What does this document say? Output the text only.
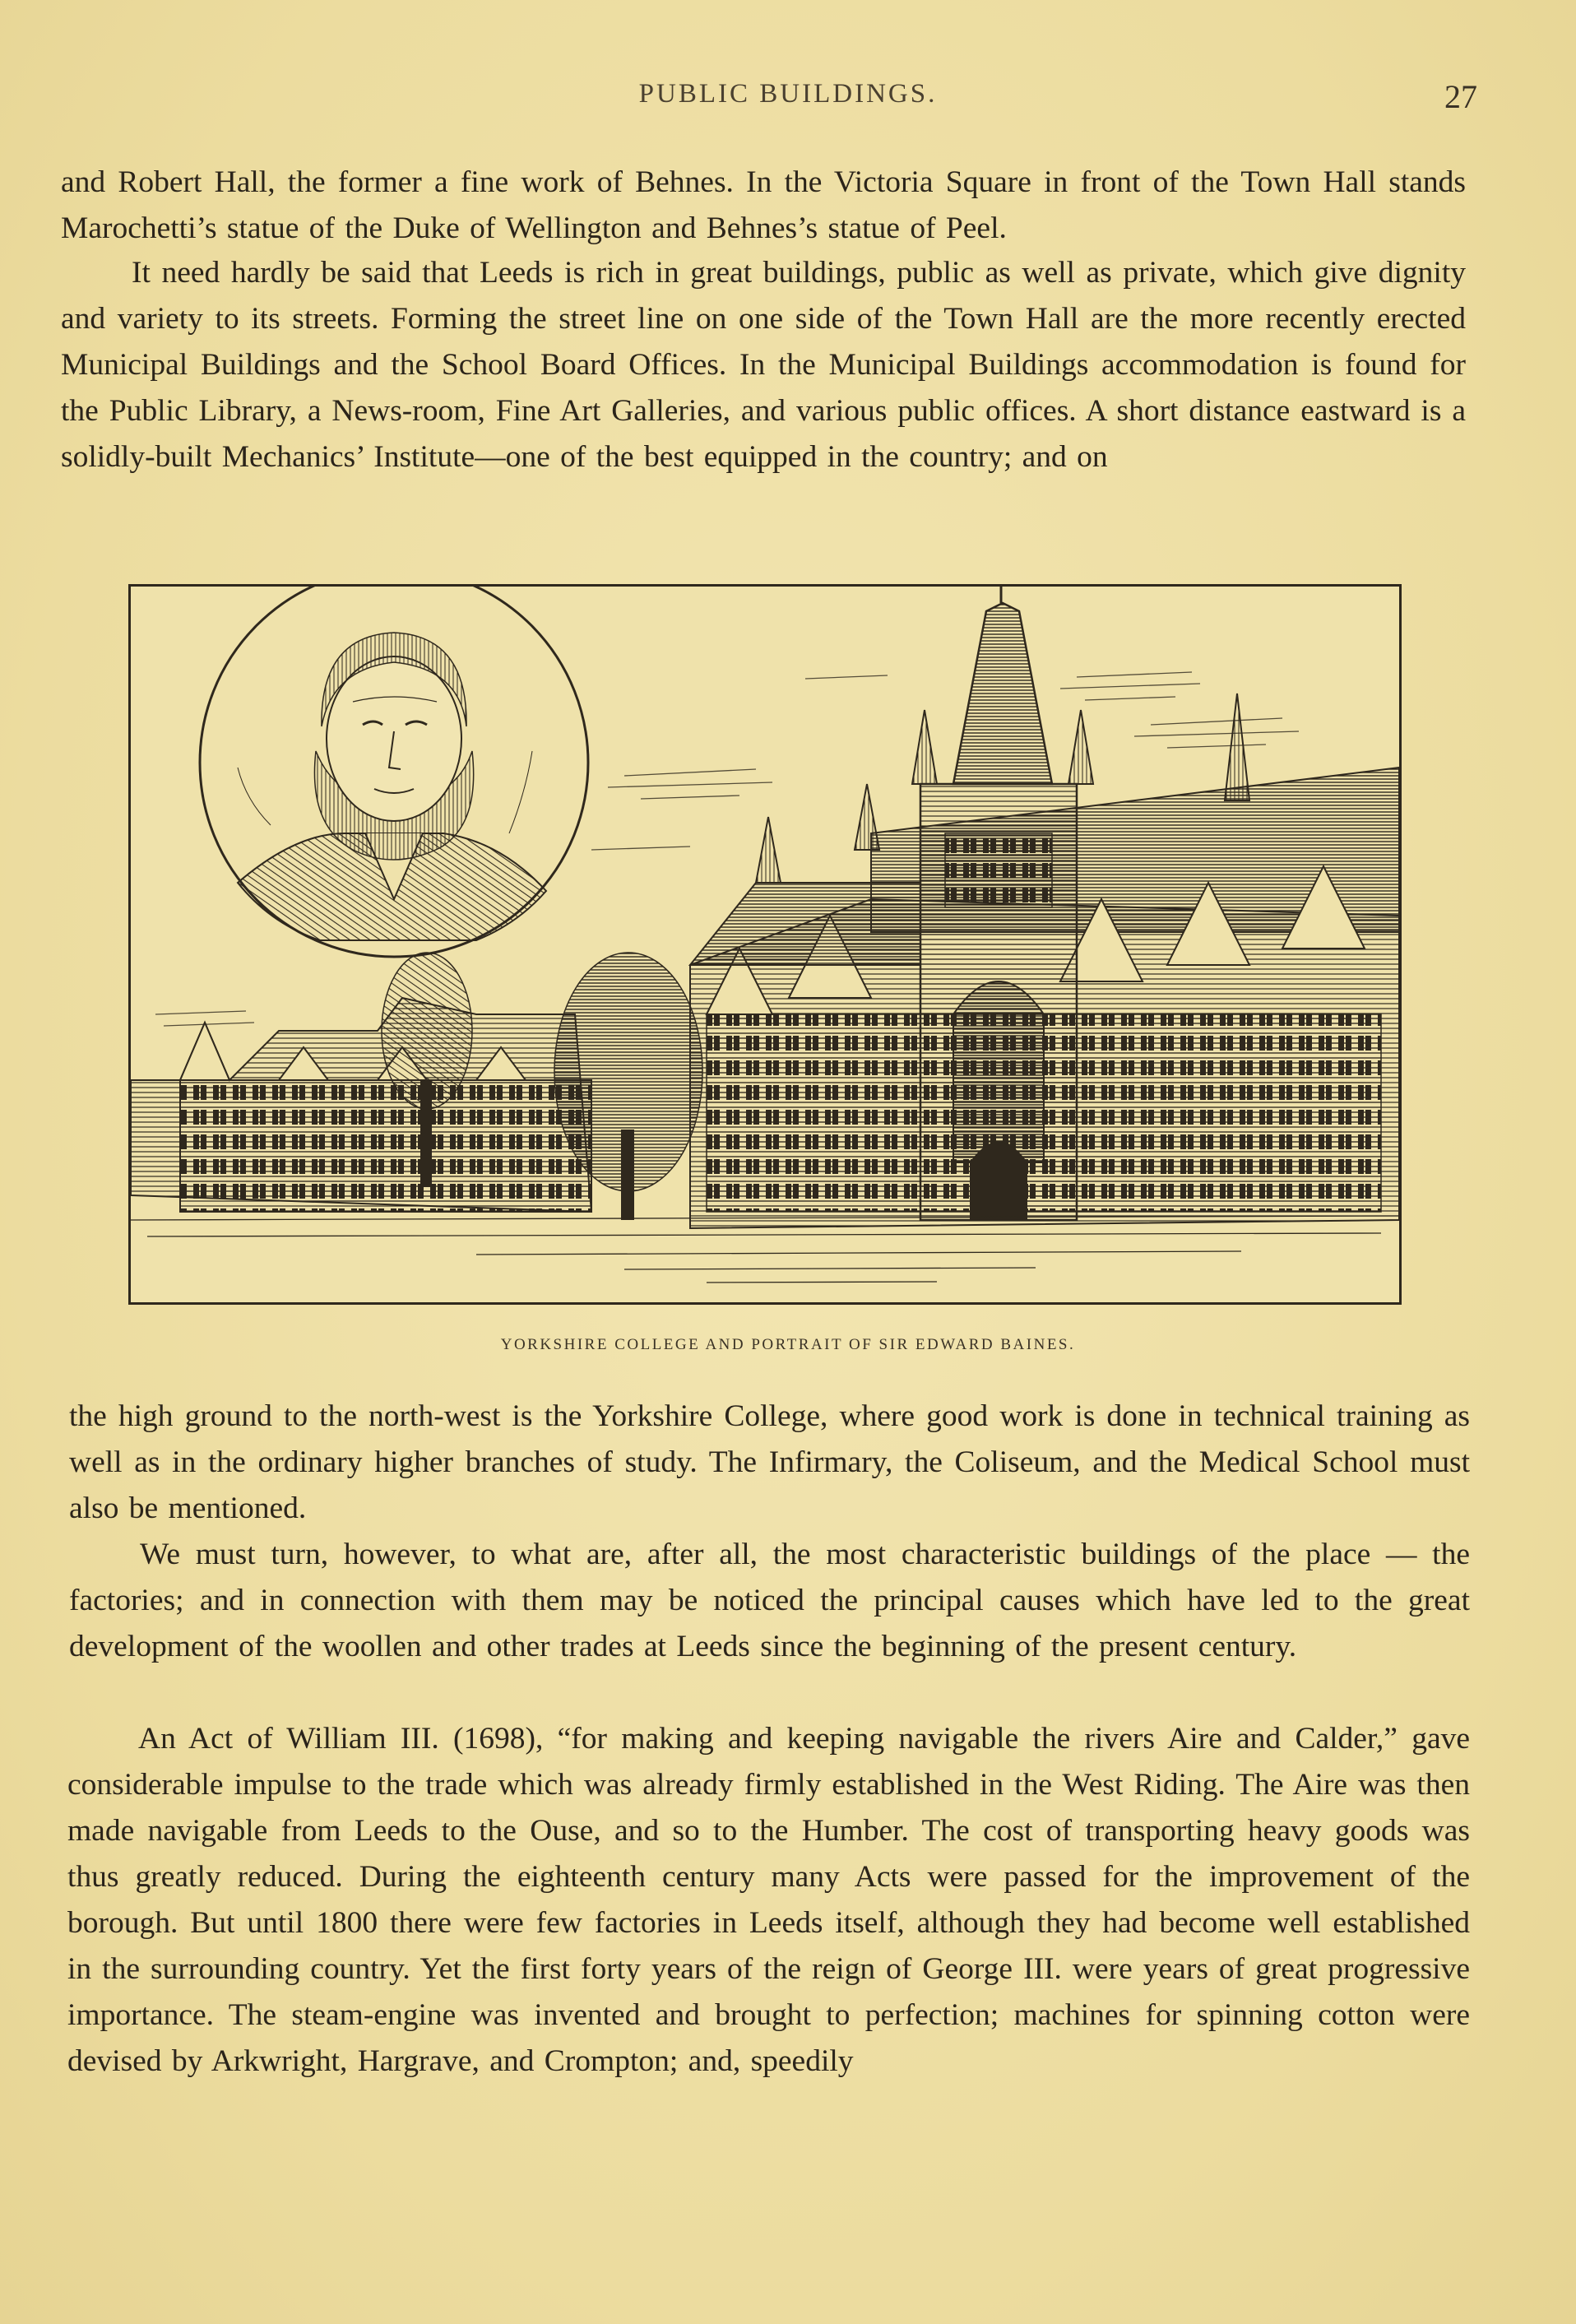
PUBLIC BUILDINGS.	27

and Robert Hall, the former a fine work of Behnes. In the Victoria Square in front of the Town Hall stands Marochetti’s statue of the Duke of Wellington and Behnes’s statue of Peel.

It need hardly be said that Leeds is rich in great buildings, public as well as private, which give dignity and variety to its streets. Forming the street line on one side of the Town Hall are the more recently erected Municipal Buildings and the School Board Offices. In the Municipal Buildings accommodation is found for the Public Library, a News-room, Fine Art Galleries, and various public offices. A short distance eastward is a solidly-built Mechanics’ Institute—one of the best equipped in the country; and on

YORKSHIRE COLLEGE AND PORTRAIT OF SIR EDWARD BAINES.

the high ground to the north-west is the Yorkshire College, where good work is done in technical training as well as in the ordinary higher branches of study. The Infirmary, the Coliseum, and the Medical School must also be mentioned.

We must turn, however, to what are, after all, the most characteristic buildings of the place — the factories; and in connection with them may be noticed the principal causes which have led to the great development of the woollen and other trades at Leeds since the beginning of the present century.

An Act of William III. (1698), “for making and keeping navigable the rivers Aire and Calder,” gave considerable impulse to the trade which was already firmly established in the West Riding. The Aire was then made navigable from Leeds to the Ouse, and so to the Humber. The cost of transporting heavy goods was thus greatly reduced. During the eighteenth century many Acts were passed for the improvement of the borough. But until 1800 there were few factories in Leeds itself, although they had become well established in the surrounding country. Yet the first forty years of the reign of George III. were years of great progressive importance. The steam-engine was invented and brought to perfection; machines for spinning cotton were devised by Arkwright, Hargrave, and Crompton; and, speedily
